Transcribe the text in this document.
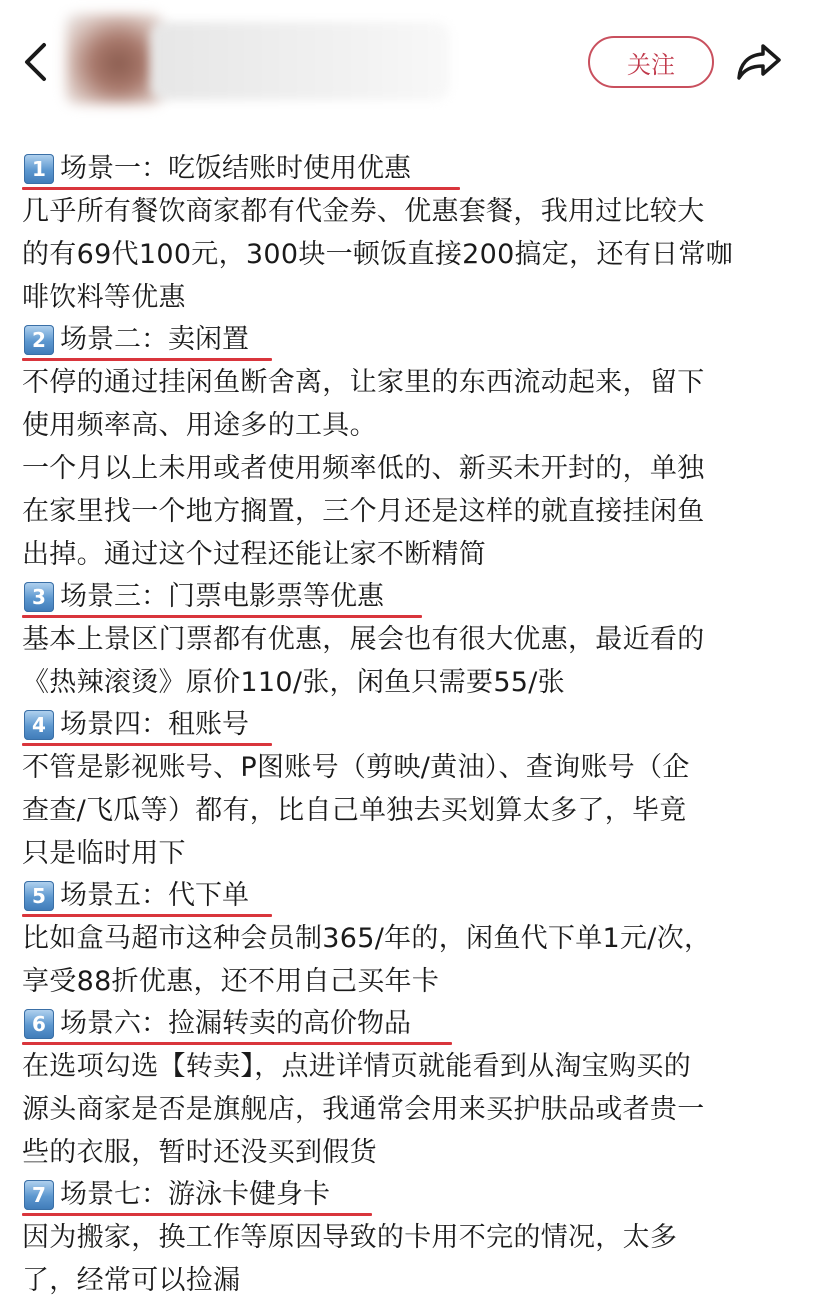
关注
1 场景一：吃饭结账时使用优惠

几乎所有餐饮商家都有代金券、优惠套餐，我用过比较大

的有69代100元，300块一顿饭直接200搞定，还有日常咖

啡饮料等优惠

2 场景二：卖闲置

不停的通过挂闲鱼断舍离，让家里的东西流动起来，留下

使用频率高、用途多的工具。

一个月以上未用或者使用频率低的、新买未开封的，单独

在家里找一个地方搁置，三个月还是这样的就直接挂闲鱼

出掉。通过这个过程还能让家不断精简

3 场景三：门票电影票等优惠

基本上景区门票都有优惠，展会也有很大优惠，最近看的

《热辣滚烫》原价110/张，闲鱼只需要55/张

4 场景四：租账号

不管是影视账号、P图账号（剪映/黄油）、查询账号（企

查查/飞瓜等）都有，比自己单独去买划算太多了，毕竟

只是临时用下

5 场景五：代下单

比如盒马超市这种会员制365/年的，闲鱼代下单1元/次，

享受88折优惠，还不用自己买年卡

6 场景六：捡漏转卖的高价物品

在选项勾选【转卖】，点进详情页就能看到从淘宝购买的

源头商家是否是旗舰店，我通常会用来买护肤品或者贵一

些的衣服，暂时还没买到假货

7 场景七：游泳卡健身卡

因为搬家，换工作等原因导致的卡用不完的情况，太多

了，经常可以捡漏
